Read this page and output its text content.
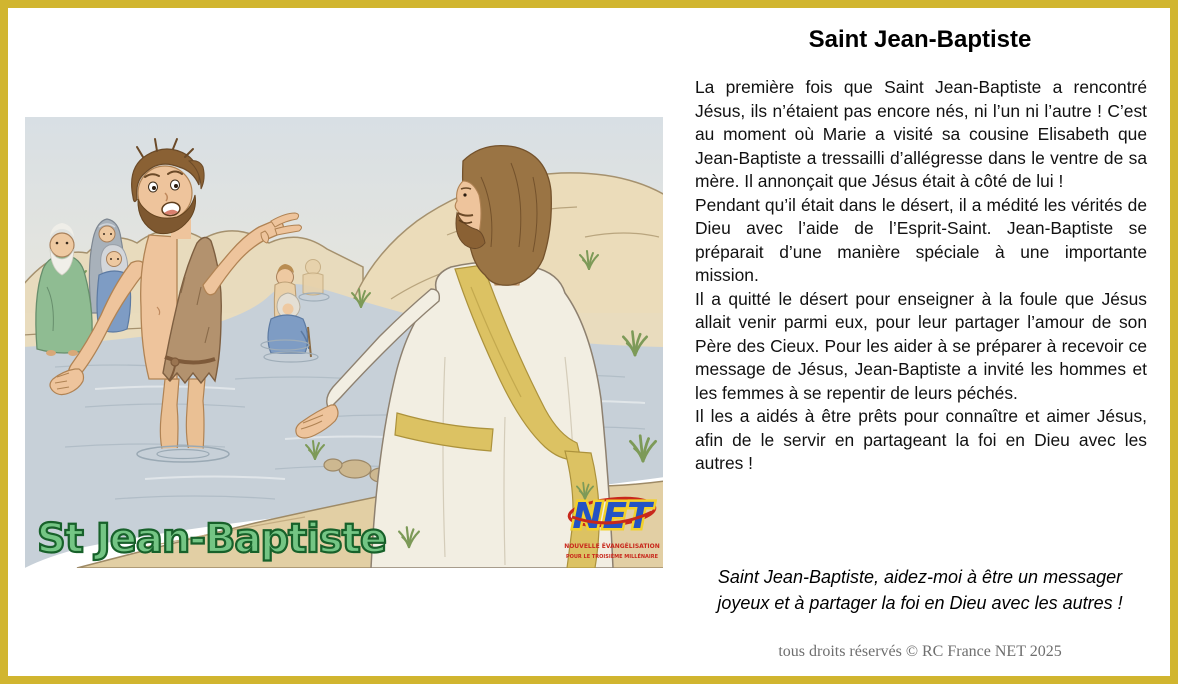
St Jean-Baptiste	NET
NOUVELLE ÉVANGÉLISATION
POUR LE TROISIÈME MILLÉNAIRE
Saint Jean-Baptiste

La première fois que Saint Jean-Baptiste a rencontré Jésus, ils n’étaient pas encore nés, ni l’un ni l’autre ! C’est au moment où Marie a visité sa cousine Elisabeth que Jean-Baptiste a tressailli d’allégresse dans le ventre de sa mère. Il annonçait que Jésus était à côté de lui !

Pendant qu’il était dans le désert, il a médité les vérités de Dieu avec l’aide de l’Esprit-Saint. Jean-Baptiste se préparait d’une manière spéciale à une importante mission.

Il a quitté le désert pour enseigner à la foule que Jésus allait venir parmi eux, pour leur partager l’amour de son Père des Cieux. Pour les aider à se préparer à recevoir ce message de Jésus, Jean-Baptiste a invité les hommes et les femmes à se repentir de leurs péchés.

Il les a aidés à être prêts pour connaître et aimer Jésus, afin de le servir en partageant la foi en Dieu avec les autres !

Saint Jean-Baptiste, aidez-moi à être un messager joyeux et à partager la foi en Dieu avec les autres !
tous droits réservés © RC France NET 2025
